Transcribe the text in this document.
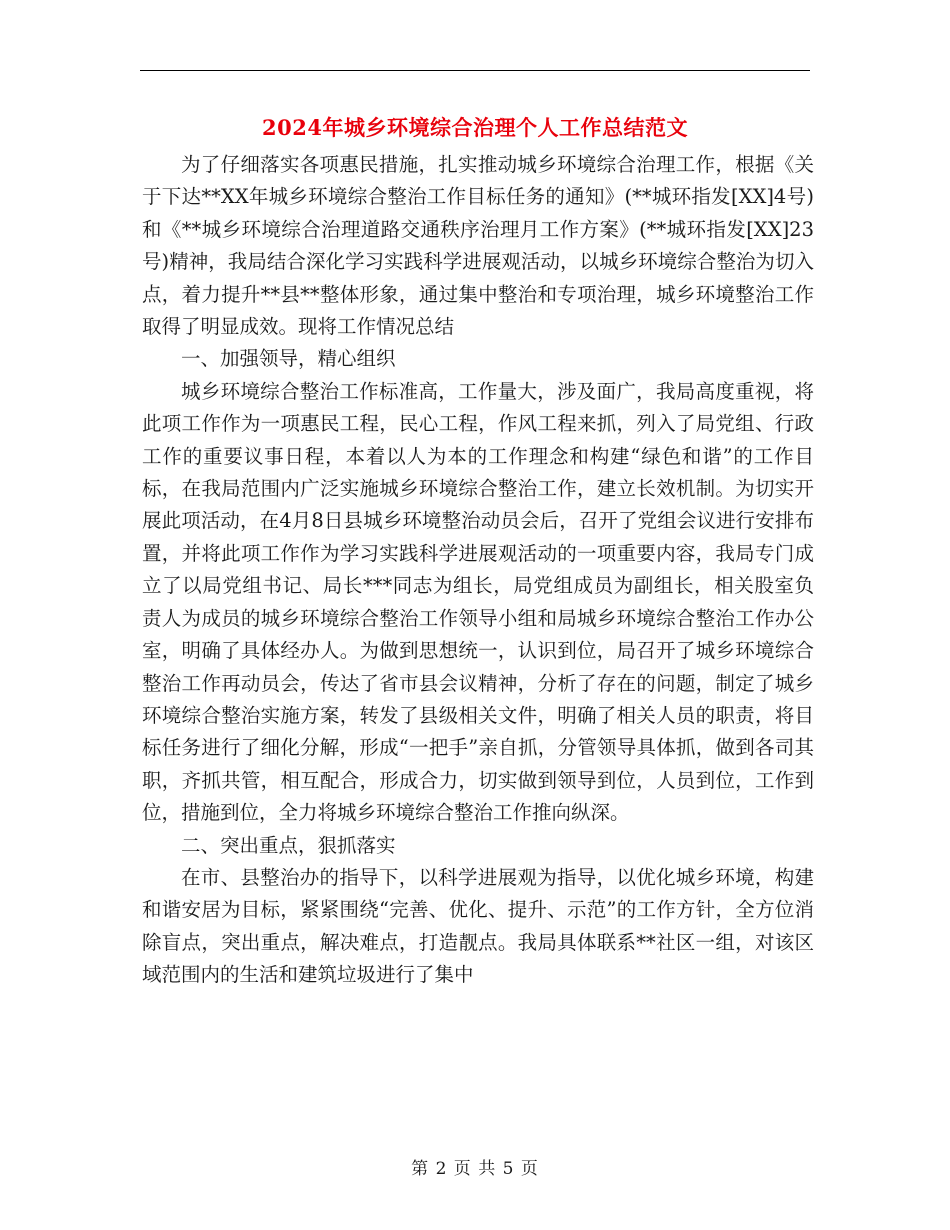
2024年城乡环境综合治理个人工作总结范文

为了仔细落实各项惠民措施，扎实推动城乡环境综合治理工作，根据《关于下达**XX年城乡环境综合整治工作目标任务的通知》(**城环指发[XX]4号)和《**城乡环境综合治理道路交通秩序治理月工作方案》(**城环指发[XX]23号)精神，我局结合深化学习实践科学进展观活动，以城乡环境综合整治为切入点，着力提升**县**整体形象，通过集中整治和专项治理，城乡环境整治工作取得了明显成效。现将工作情况总结

一、加强领导，精心组织

城乡环境综合整治工作标准高，工作量大，涉及面广，我局高度重视，将此项工作作为一项惠民工程，民心工程，作风工程来抓，列入了局党组、行政工作的重要议事日程，本着以人为本的工作理念和构建“绿色和谐”的工作目标，在我局范围内广泛实施城乡环境综合整治工作，建立长效机制。为切实开展此项活动，在4月8日县城乡环境整治动员会后，召开了党组会议进行安排布置，并将此项工作作为学习实践科学进展观活动的一项重要内容，我局专门成立了以局党组书记、局长***同志为组长，局党组成员为副组长，相关股室负责人为成员的城乡环境综合整治工作领导小组和局城乡环境综合整治工作办公室，明确了具体经办人。为做到思想统一，认识到位，局召开了城乡环境综合整治工作再动员会，传达了省市县会议精神，分析了存在的问题，制定了城乡环境综合整治实施方案，转发了县级相关文件，明确了相关人员的职责，将目标任务进行了细化分解，形成“一把手”亲自抓，分管领导具体抓，做到各司其职，齐抓共管，相互配合，形成合力，切实做到领导到位，人员到位，工作到位，措施到位，全力将城乡环境综合整治工作推向纵深。

二、突出重点，狠抓落实

在市、县整治办的指导下，以科学进展观为指导，以优化城乡环境，构建和谐安居为目标，紧紧围绕“完善、优化、提升、示范”的工作方针，全方位消除盲点，突出重点，解决难点，打造靓点。我局具体联系**社区一组，对该区域范围内的生活和建筑垃圾进行了集中

第 2 页 共 5 页
